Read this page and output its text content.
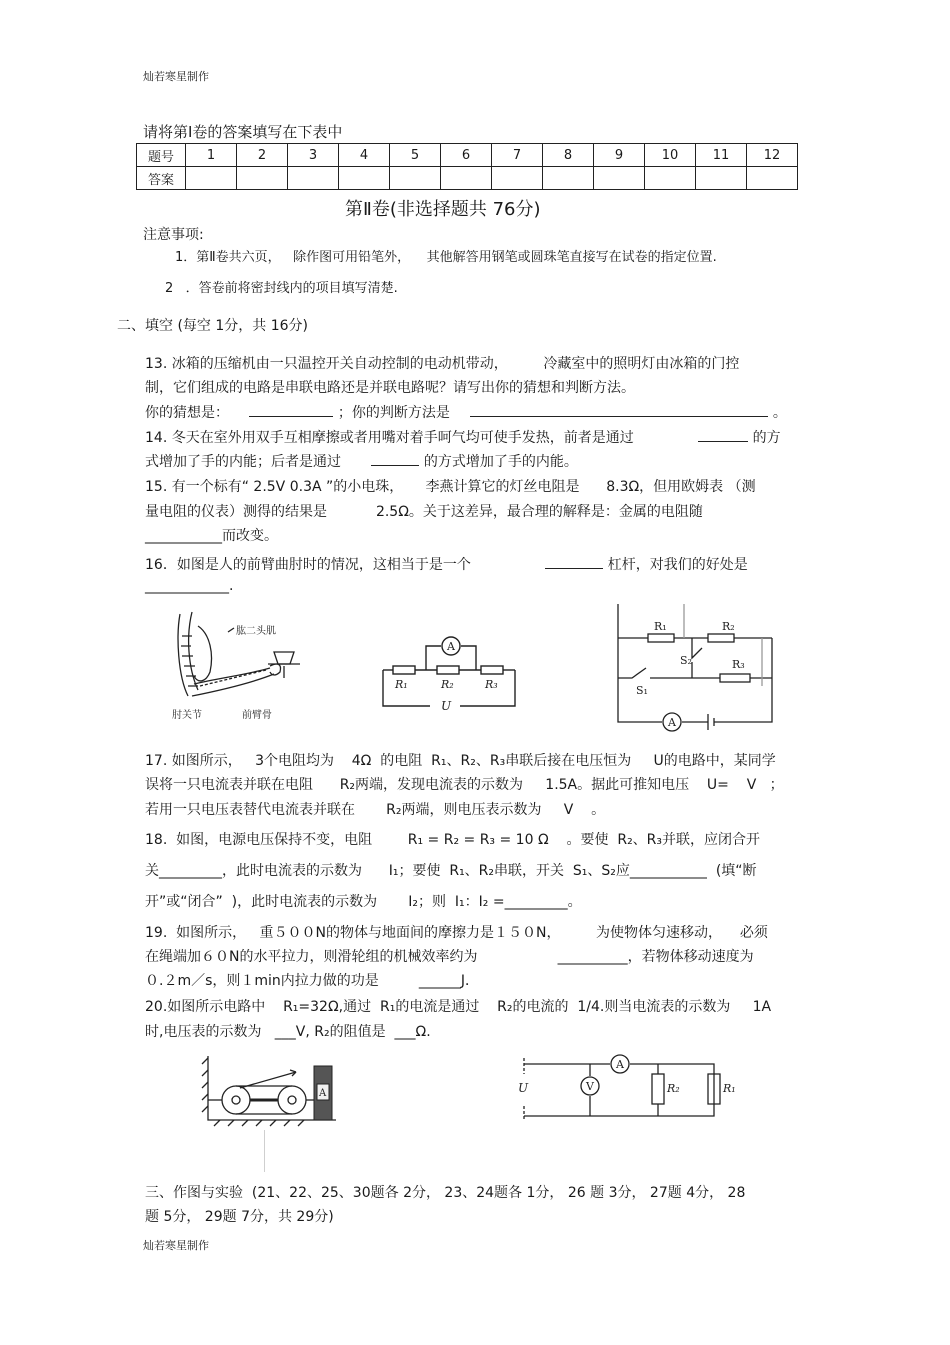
灿若寒星制作
灿若寒星制作
请将第Ⅰ卷的答案填写在下表中
题号	1	2	3	4	5	6	7	8	9	10	11	12
答案												
第Ⅱ卷(非选择题共 76分)
注意事项:
1．第Ⅱ卷共六页，   除作图可用铅笔外，    其他解答用钢笔或圆珠笔直接写在试卷的指定位置.
2   ．答卷前将密封线内的项目填写清楚.
二、填空 (每空 1分，共 16分)
13. 冰箱的压缩机由一只温控开关自动控制的电动机带动，        冷藏室中的照明灯由冰箱的门控
制，它们组成的电路是串联电路还是并联电路呢？请写出你的猜想和判断方法。
你的猜想是：	；你的判断方法是	。
14. 冬天在室外用双手互相摩擦或者用嘴对着手呵气均可使手发热，前者是通过	的方
式增加了手的内能；后者是通过	的方式增加了手的内能。
15. 有一个标有“ 2.5V 0.3A ”的小电珠，     李燕计算它的灯丝电阻是      8.3Ω，但用欧姆表 （测
量电阻的仪表）测得的结果是           2.5Ω。关于这差异，最合理的解释是：金属的电阻随
___________而改变。
16．如图是人的前臂曲肘时的情况，这相当于是一个	杠杆，对我们的好处是
____________.
肱二头肌
肘关节	前臂骨
A
R₁	R₂	R₃
U
R₁	R₂
R₃
S₁
S₂
A
17. 如图所示，   3个电阻均为    4Ω  的电阻  R₁、R₂、R₃串联后接在电压恒为     U的电路中，某同学
误将一只电流表并联在电阻      R₂两端，发现电流表的示数为     1.5A。据此可推知电压    U=    V   ；
若用一只电压表替代电流表并联在       R₂两端，则电压表示数为     V    。
18.  如图，电源电压保持不变，电阻        R₁ = R₂ = R₃ = 10 Ω    。要使  R₂、R₃并联，应闭合开
关_________，此时电流表的示数为      I₁；要使  R₁、R₂串联，开关  S₁、S₂应___________  (填“断
开”或“闭合”  )，此时电流表的示数为       I₂；则  I₁：I₂ =_________。
19.  如图所示，   重５００N的物体与地面间的摩擦力是１５０N，        为使物体匀速移动，    必须
在绳端加６０N的水平拉力，则滑轮组的机械效率约为                  __________，若物体移动速度为
０.２m／s，则１min内拉力做的功是         ______J．
20.如图所示电路中    R₁=32Ω,通过  R₁的电流是通过    R₂的电流的  1/4.则当电流表的示数为     1A
时,电压表的示数为   ___V, R₂的阻值是  ___Ω.
A
A
V
U	R₂	R₁
三、作图与实验  (21、22、25、30题各 2分， 23、24题各 1分， 26 题 3分， 27题 4分， 28
题 5分， 29题 7分，共 29分)
